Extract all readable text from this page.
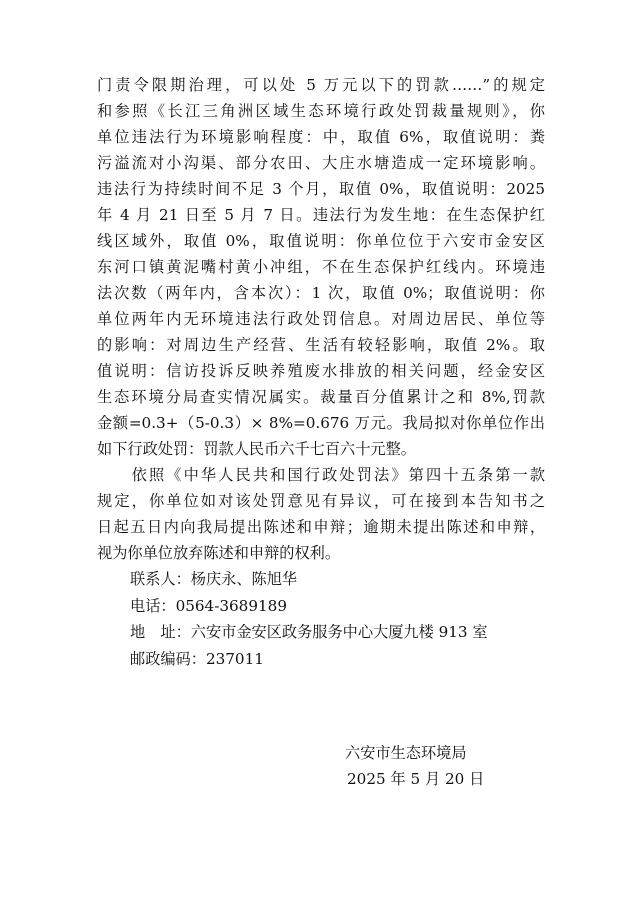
门责令限期治理，可以处 5 万元以下的罚款……”的规定
和参照《长江三角洲区域生态环境行政处罚裁量规则》，你
单位违法行为环境影响程度：中，取值 6%，取值说明：粪
污溢流对小沟渠、部分农田、大庄水塘造成一定环境影响。
违法行为持续时间不足 3 个月，取值 0%，取值说明：2025
年 4 月 21 日至 5 月 7 日。违法行为发生地：在生态保护红
线区域外，取值 0%，取值说明：你单位位于六安市金安区
东河口镇黄泥嘴村黄小冲组，不在生态保护红线内。环境违
法次数（两年内，含本次）：1 次，取值 0%；取值说明：你
单位两年内无环境违法行政处罚信息。对周边居民、单位等
的影响：对周边生产经营、生活有较轻影响，取值 2%。取
值说明：信访投诉反映养殖废水排放的相关问题，经金安区
生态环境分局查实情况属实。裁量百分值累计之和 8%,罚款
金额=0.3+（5-0.3）× 8%=0.676 万元。我局拟对你单位作出
如下行政处罚：罚款人民币六千七百六十元整。
　　依照《中华人民共和国行政处罚法》第四十五条第一款
规定，你单位如对该处罚意见有异议，可在接到本告知书之
日起五日内向我局提出陈述和申辩；逾期未提出陈述和申辩，
视为你单位放弃陈述和申辩的权利。
联系人：杨庆永、陈旭华
电话：0564-3689189
地　址：六安市金安区政务服务中心大厦九楼 913 室
邮政编码：237011
六安市生态环境局
2025 年 5 月 20 日
